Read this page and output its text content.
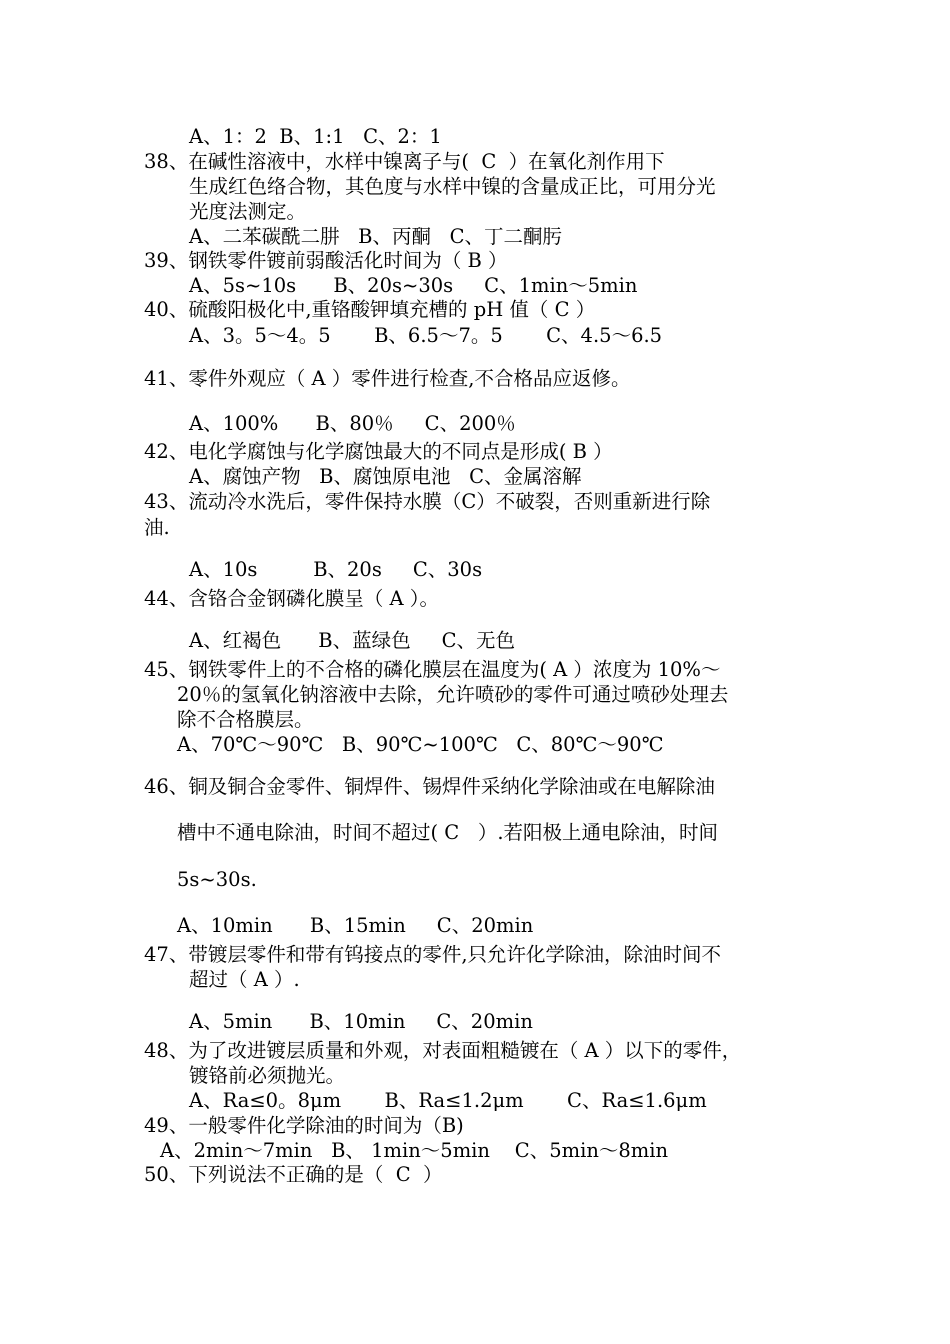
A、1：2  B、1:1   C、2：1
38、在碱性溶液中，水样中镍离子与(  C  ）在氧化剂作用下
生成红色络合物，其色度与水样中镍的含量成正比，可用分光
光度法测定。
A、二苯碳酰二肼   B、丙酮   C、丁二酮肟
39、钢铁零件镀前弱酸活化时间为（ B ）
A、5s~10s      B、20s~30s     C、1min～5min
40、硫酸阳极化中,重铬酸钾填充槽的 pH 值（ C ）
A、3。5～4。5       B、6.5～7。5       C、4.5～6.5
41、零件外观应（ A ）零件进行检查,不合格品应返修。
A、100%      B、80％     C、200％
42、电化学腐蚀与化学腐蚀最大的不同点是形成( B ）
A、腐蚀产物   B、腐蚀原电池   C、金属溶解
43、流动冷水洗后，零件保持水膜（C）不破裂，否则重新进行除
油.
A、10s         B、20s     C、30s
44、含铬合金钢磷化膜呈（ A ）。
A、红褐色      B、蓝绿色     C、无色
45、钢铁零件上的不合格的磷化膜层在温度为( A ）浓度为 10%～
20％的氢氧化钠溶液中去除，允许喷砂的零件可通过喷砂处理去
除不合格膜层。
A、70℃～90℃   B、90℃~100℃   C、80℃～90℃
46、铜及铜合金零件、铜焊件、锡焊件采纳化学除油或在电解除油
槽中不通电除油，时间不超过( C   ）.若阳极上通电除油，时间
5s~30s.
A、10min      B、15min     C、20min
47、带镀层零件和带有钨接点的零件,只允许化学除油，除油时间不
超过（ A ）.
A、5min      B、10min     C、20min
48、为了改进镀层质量和外观，对表面粗糙镀在（ A ）以下的零件，
镀铬前必须抛光。
A、Ra≤0。8μm       B、Ra≤1.2μm       C、Ra≤1.6μm
49、一般零件化学除油的时间为（B)
A、2min～7min   B、 1min～5min    C、5min～8min
50、下列说法不正确的是（  C  ）
